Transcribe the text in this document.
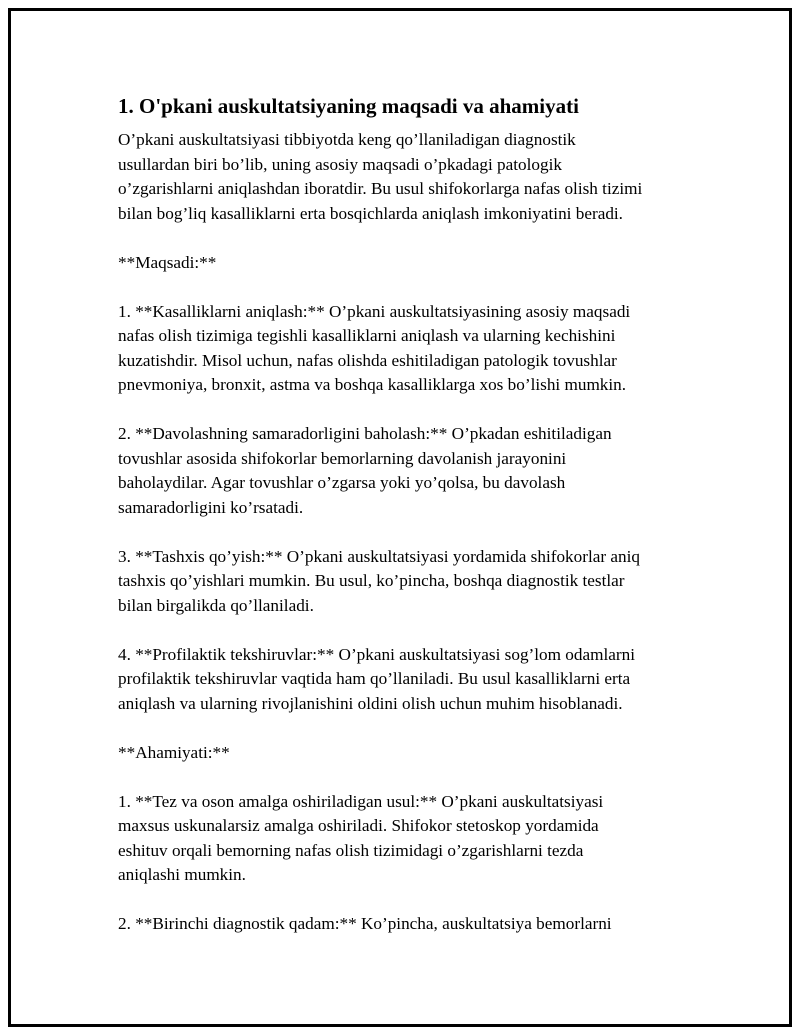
1. O'pkani auskultatsiyaning maqsadi va ahamiyati

O’pkani auskultatsiyasi tibbiyotda keng qo’llaniladigan diagnostik
usullardan biri bo’lib, uning asosiy maqsadi o’pkadagi patologik
o’zgarishlarni aniqlashdan iboratdir. Bu usul shifokorlarga nafas olish tizimi
bilan bog’liq kasalliklarni erta bosqichlarda aniqlash imkoniyatini beradi.

**Maqsadi:**

1. **Kasalliklarni aniqlash:** O’pkani auskultatsiyasining asosiy maqsadi
nafas olish tizimiga tegishli kasalliklarni aniqlash va ularning kechishini
kuzatishdir. Misol uchun, nafas olishda eshitiladigan patologik tovushlar
pnevmoniya, bronxit, astma va boshqa kasalliklarga xos bo’lishi mumkin.

2. **Davolashning samaradorligini baholash:** O’pkadan eshitiladigan
tovushlar asosida shifokorlar bemorlarning davolanish jarayonini
baholaydilar. Agar tovushlar o’zgarsa yoki yo’qolsa, bu davolash
samaradorligini ko’rsatadi.

3. **Tashxis qo’yish:** O’pkani auskultatsiyasi yordamida shifokorlar aniq
tashxis qo’yishlari mumkin. Bu usul, ko’pincha, boshqa diagnostik testlar
bilan birgalikda qo’llaniladi.

4. **Profilaktik tekshiruvlar:** O’pkani auskultatsiyasi sog’lom odamlarni
profilaktik tekshiruvlar vaqtida ham qo’llaniladi. Bu usul kasalliklarni erta
aniqlash va ularning rivojlanishini oldini olish uchun muhim hisoblanadi.

**Ahamiyati:**

1. **Tez va oson amalga oshiriladigan usul:** O’pkani auskultatsiyasi
maxsus uskunalarsiz amalga oshiriladi. Shifokor stetoskop yordamida
eshituv orqali bemorning nafas olish tizimidagi o’zgarishlarni tezda
aniqlashi mumkin.

2. **Birinchi diagnostik qadam:** Ko’pincha, auskultatsiya bemorlarni
